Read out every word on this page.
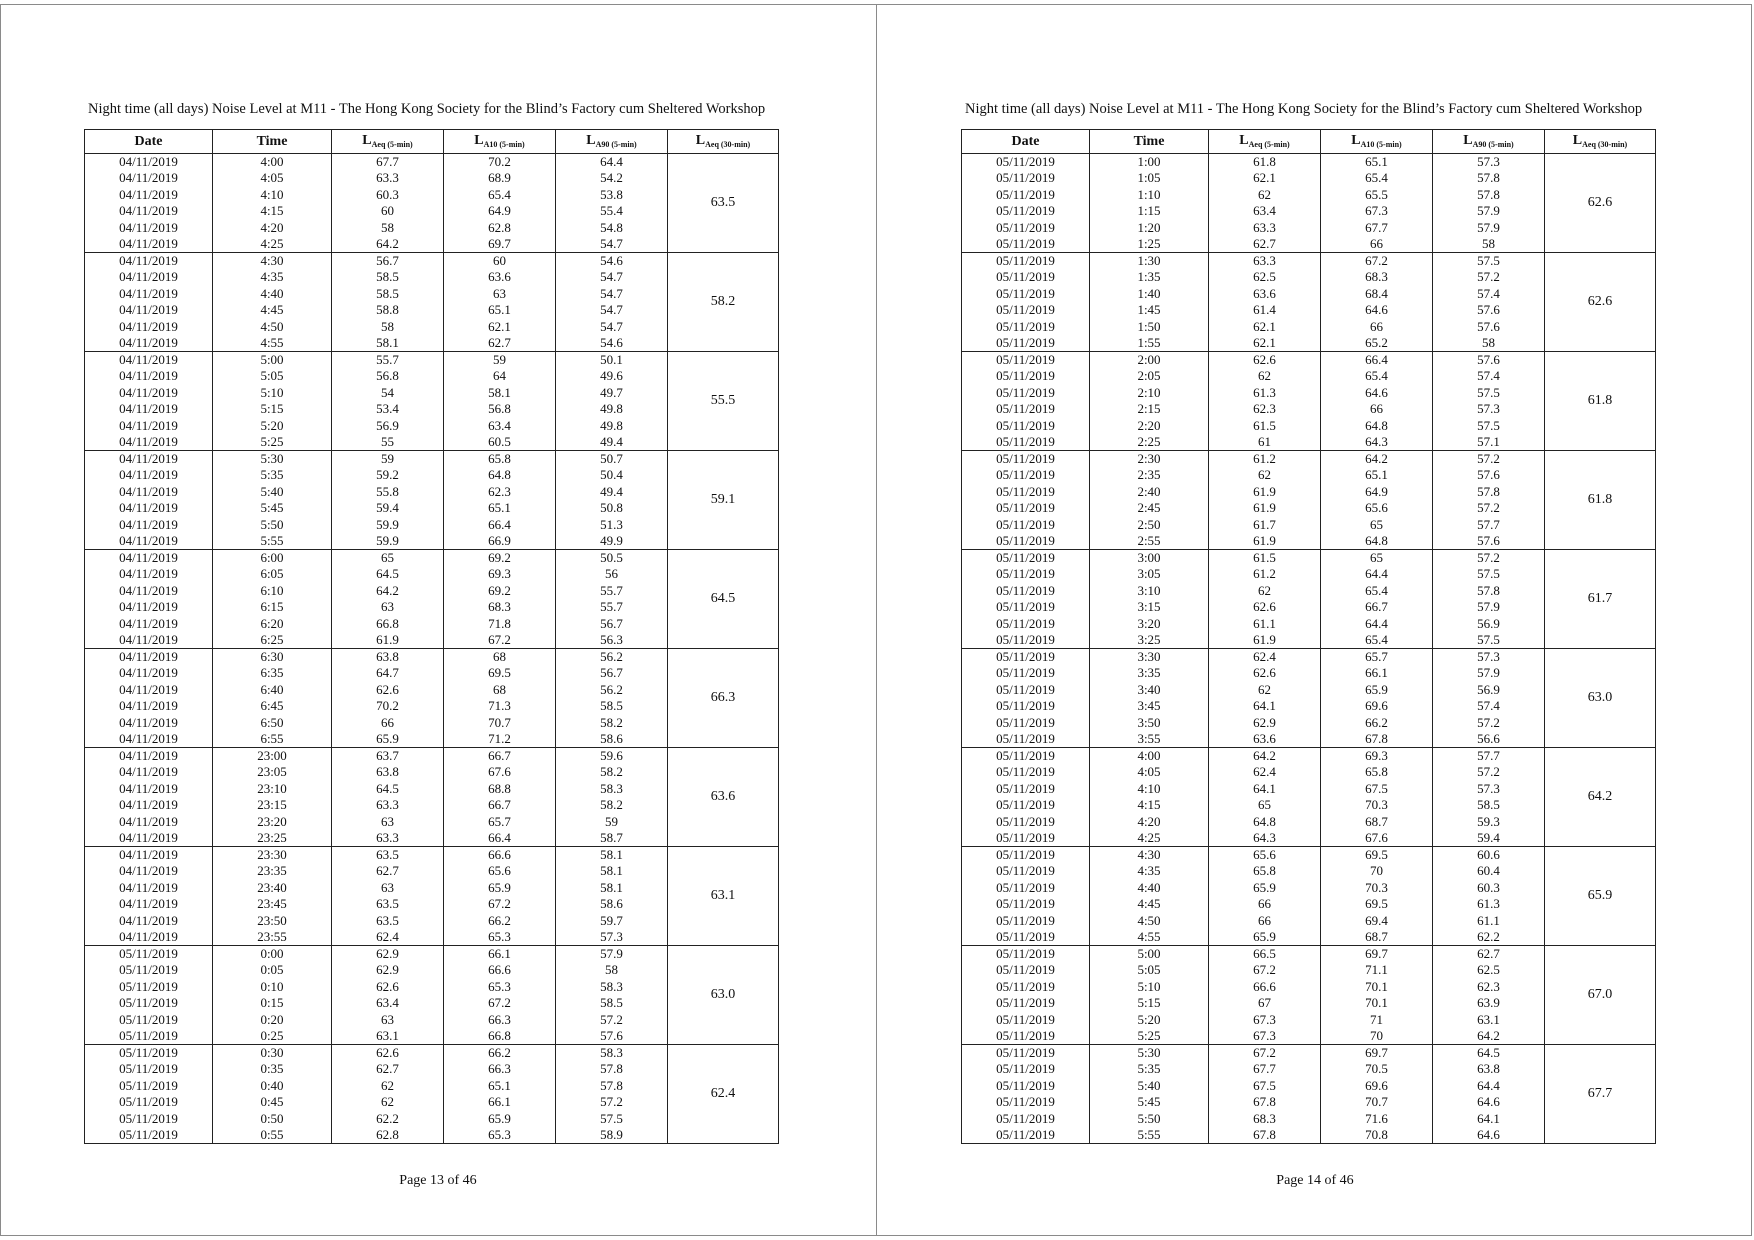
Night time (all days) Noise Level at M11 - The Hong Kong Society for the Blind’s Factory cum Sheltered Workshop
Date	Time	$L_{Aeq (5-min)}$	$L_{A10 (5-min)}$	$L_{A90 (5-min)}$	$L_{Aeq (30-min)}$
04/11/2019	4:00	67.7	70.2	64.4	63.5
04/11/2019	4:05	63.3	68.9	54.2	
04/11/2019	4:10	60.3	65.4	53.8	
04/11/2019	4:15	60	64.9	55.4	
04/11/2019	4:20	58	62.8	54.8	
04/11/2019	4:25	64.2	69.7	54.7	
04/11/2019	4:30	56.7	60	54.6	58.2
04/11/2019	4:35	58.5	63.6	54.7	
04/11/2019	4:40	58.5	63	54.7	
04/11/2019	4:45	58.8	65.1	54.7	
04/11/2019	4:50	58	62.1	54.7	
04/11/2019	4:55	58.1	62.7	54.6	
04/11/2019	5:00	55.7	59	50.1	55.5
04/11/2019	5:05	56.8	64	49.6	
04/11/2019	5:10	54	58.1	49.7	
04/11/2019	5:15	53.4	56.8	49.8	
04/11/2019	5:20	56.9	63.4	49.8	
04/11/2019	5:25	55	60.5	49.4	
04/11/2019	5:30	59	65.8	50.7	59.1
04/11/2019	5:35	59.2	64.8	50.4	
04/11/2019	5:40	55.8	62.3	49.4	
04/11/2019	5:45	59.4	65.1	50.8	
04/11/2019	5:50	59.9	66.4	51.3	
04/11/2019	5:55	59.9	66.9	49.9	
04/11/2019	6:00	65	69.2	50.5	64.5
04/11/2019	6:05	64.5	69.3	56	
04/11/2019	6:10	64.2	69.2	55.7	
04/11/2019	6:15	63	68.3	55.7	
04/11/2019	6:20	66.8	71.8	56.7	
04/11/2019	6:25	61.9	67.2	56.3	
04/11/2019	6:30	63.8	68	56.2	66.3
04/11/2019	6:35	64.7	69.5	56.7	
04/11/2019	6:40	62.6	68	56.2	
04/11/2019	6:45	70.2	71.3	58.5	
04/11/2019	6:50	66	70.7	58.2	
04/11/2019	6:55	65.9	71.2	58.6	
04/11/2019	23:00	63.7	66.7	59.6	63.6
04/11/2019	23:05	63.8	67.6	58.2	
04/11/2019	23:10	64.5	68.8	58.3	
04/11/2019	23:15	63.3	66.7	58.2	
04/11/2019	23:20	63	65.7	59	
04/11/2019	23:25	63.3	66.4	58.7	
04/11/2019	23:30	63.5	66.6	58.1	63.1
04/11/2019	23:35	62.7	65.6	58.1	
04/11/2019	23:40	63	65.9	58.1	
04/11/2019	23:45	63.5	67.2	58.6	
04/11/2019	23:50	63.5	66.2	59.7	
04/11/2019	23:55	62.4	65.3	57.3	
05/11/2019	0:00	62.9	66.1	57.9	63.0
05/11/2019	0:05	62.9	66.6	58	
05/11/2019	0:10	62.6	65.3	58.3	
05/11/2019	0:15	63.4	67.2	58.5	
05/11/2019	0:20	63	66.3	57.2	
05/11/2019	0:25	63.1	66.8	57.6	
05/11/2019	0:30	62.6	66.2	58.3	62.4
05/11/2019	0:35	62.7	66.3	57.8	
05/11/2019	0:40	62	65.1	57.8	
05/11/2019	0:45	62	66.1	57.2	
05/11/2019	0:50	62.2	65.9	57.5	
05/11/2019	0:55	62.8	65.3	58.9	
Page 13 of 46
Night time (all days) Noise Level at M11 - The Hong Kong Society for the Blind’s Factory cum Sheltered Workshop
Date	Time	$L_{Aeq (5-min)}$	$L_{A10 (5-min)}$	$L_{A90 (5-min)}$	$L_{Aeq (30-min)}$
05/11/2019	1:00	61.8	65.1	57.3	62.6
05/11/2019	1:05	62.1	65.4	57.8	
05/11/2019	1:10	62	65.5	57.8	
05/11/2019	1:15	63.4	67.3	57.9	
05/11/2019	1:20	63.3	67.7	57.9	
05/11/2019	1:25	62.7	66	58	
05/11/2019	1:30	63.3	67.2	57.5	62.6
05/11/2019	1:35	62.5	68.3	57.2	
05/11/2019	1:40	63.6	68.4	57.4	
05/11/2019	1:45	61.4	64.6	57.6	
05/11/2019	1:50	62.1	66	57.6	
05/11/2019	1:55	62.1	65.2	58	
05/11/2019	2:00	62.6	66.4	57.6	61.8
05/11/2019	2:05	62	65.4	57.4	
05/11/2019	2:10	61.3	64.6	57.5	
05/11/2019	2:15	62.3	66	57.3	
05/11/2019	2:20	61.5	64.8	57.5	
05/11/2019	2:25	61	64.3	57.1	
05/11/2019	2:30	61.2	64.2	57.2	61.8
05/11/2019	2:35	62	65.1	57.6	
05/11/2019	2:40	61.9	64.9	57.8	
05/11/2019	2:45	61.9	65.6	57.2	
05/11/2019	2:50	61.7	65	57.7	
05/11/2019	2:55	61.9	64.8	57.6	
05/11/2019	3:00	61.5	65	57.2	61.7
05/11/2019	3:05	61.2	64.4	57.5	
05/11/2019	3:10	62	65.4	57.8	
05/11/2019	3:15	62.6	66.7	57.9	
05/11/2019	3:20	61.1	64.4	56.9	
05/11/2019	3:25	61.9	65.4	57.5	
05/11/2019	3:30	62.4	65.7	57.3	63.0
05/11/2019	3:35	62.6	66.1	57.9	
05/11/2019	3:40	62	65.9	56.9	
05/11/2019	3:45	64.1	69.6	57.4	
05/11/2019	3:50	62.9	66.2	57.2	
05/11/2019	3:55	63.6	67.8	56.6	
05/11/2019	4:00	64.2	69.3	57.7	64.2
05/11/2019	4:05	62.4	65.8	57.2	
05/11/2019	4:10	64.1	67.5	57.3	
05/11/2019	4:15	65	70.3	58.5	
05/11/2019	4:20	64.8	68.7	59.3	
05/11/2019	4:25	64.3	67.6	59.4	
05/11/2019	4:30	65.6	69.5	60.6	65.9
05/11/2019	4:35	65.8	70	60.4	
05/11/2019	4:40	65.9	70.3	60.3	
05/11/2019	4:45	66	69.5	61.3	
05/11/2019	4:50	66	69.4	61.1	
05/11/2019	4:55	65.9	68.7	62.2	
05/11/2019	5:00	66.5	69.7	62.7	67.0
05/11/2019	5:05	67.2	71.1	62.5	
05/11/2019	5:10	66.6	70.1	62.3	
05/11/2019	5:15	67	70.1	63.9	
05/11/2019	5:20	67.3	71	63.1	
05/11/2019	5:25	67.3	70	64.2	
05/11/2019	5:30	67.2	69.7	64.5	67.7
05/11/2019	5:35	67.7	70.5	63.8	
05/11/2019	5:40	67.5	69.6	64.4	
05/11/2019	5:45	67.8	70.7	64.6	
05/11/2019	5:50	68.3	71.6	64.1	
05/11/2019	5:55	67.8	70.8	64.6	
Page 14 of 46
